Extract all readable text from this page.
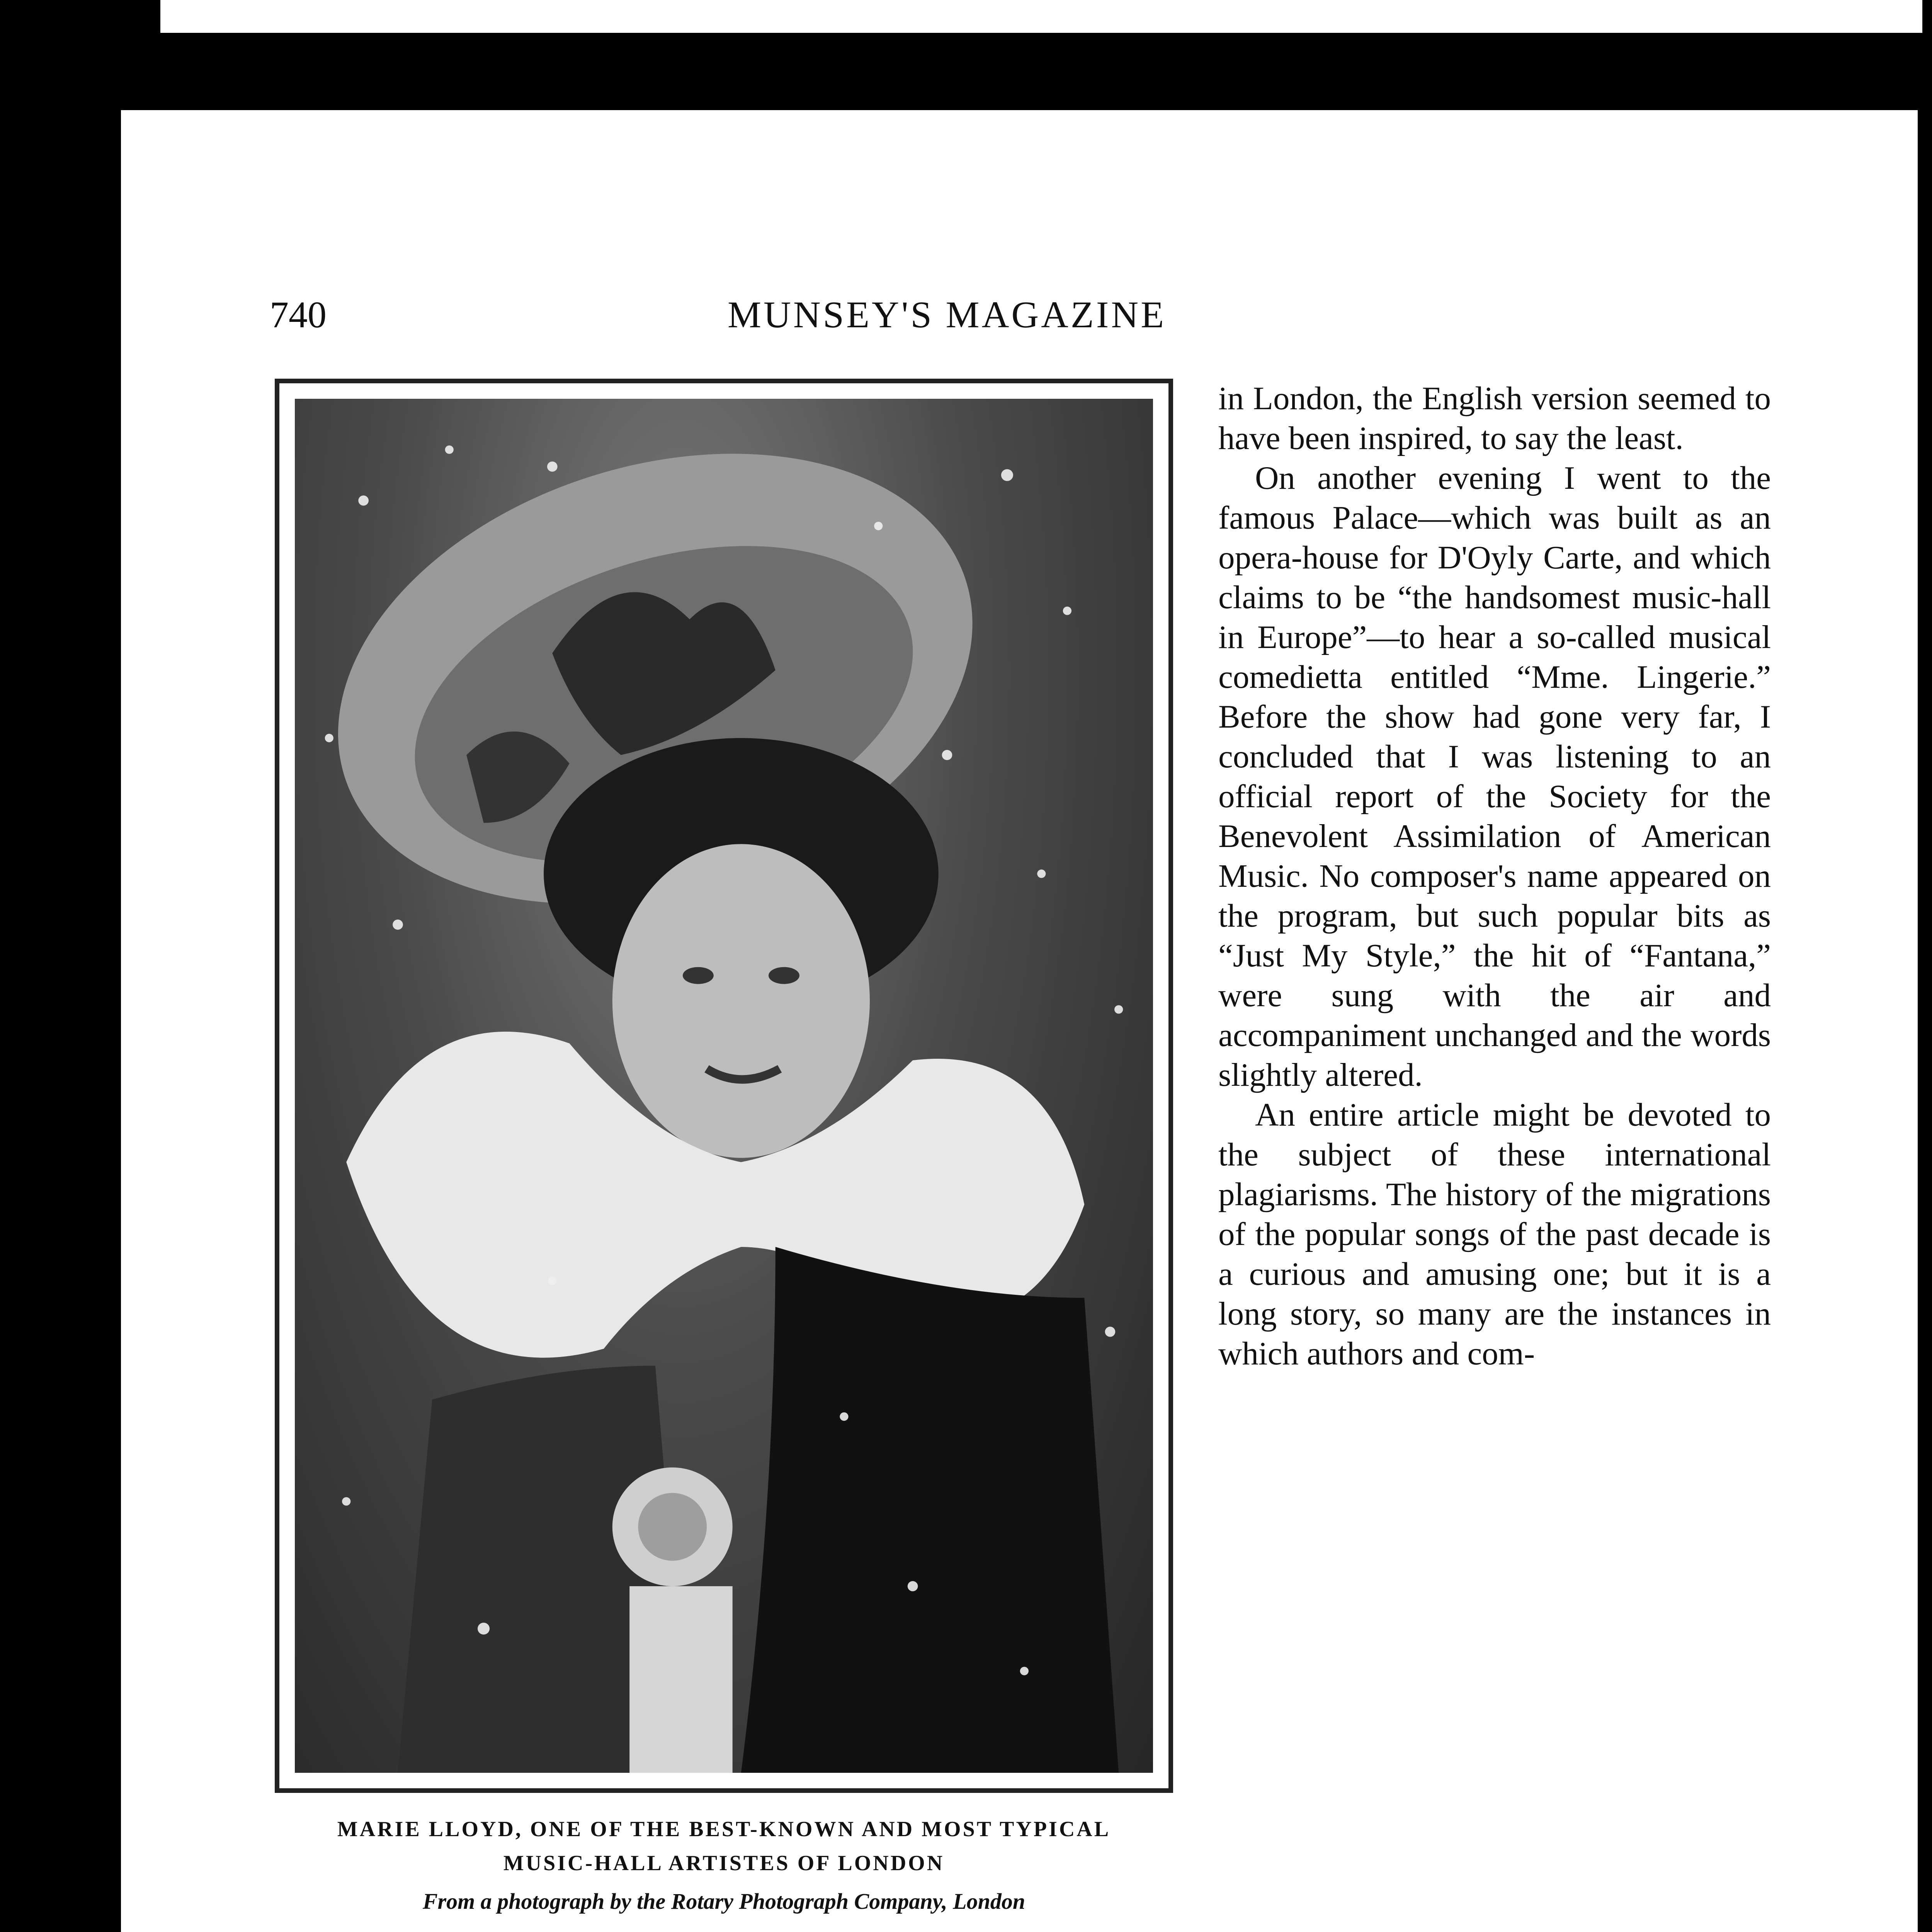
740	MUNSEY'S MAGAZINE

MARIE LLOYD, ONE OF THE BEST-KNOWN AND MOST TYPICAL

MUSIC-HALL ARTISTES OF LONDON

From a photograph by the Rotary Photograph Company, London

in London, the English version seemed to have been inspired, to say the least.

On another evening I went to the famous Palace—which was built as an opera-house for D'Oyly Carte, and which claims to be “the handsomest music-hall in Europe”—to hear a so-called musical comedietta entitled “Mme. Lingerie.” Before the show had gone very far, I concluded that I was listening to an official report of the Society for the Benevolent Assimilation of American Music. No composer's name appeared on the program, but such popular bits as “Just My Style,” the hit of “Fantana,” were sung with the air and accompaniment unchanged and the words slightly altered.

An entire article might be devoted to the subject of these international plagiarisms. The history of the migrations of the popular songs of the past decade is a curious and amusing one; but it is a long story, so many are the instances in which authors and com-
